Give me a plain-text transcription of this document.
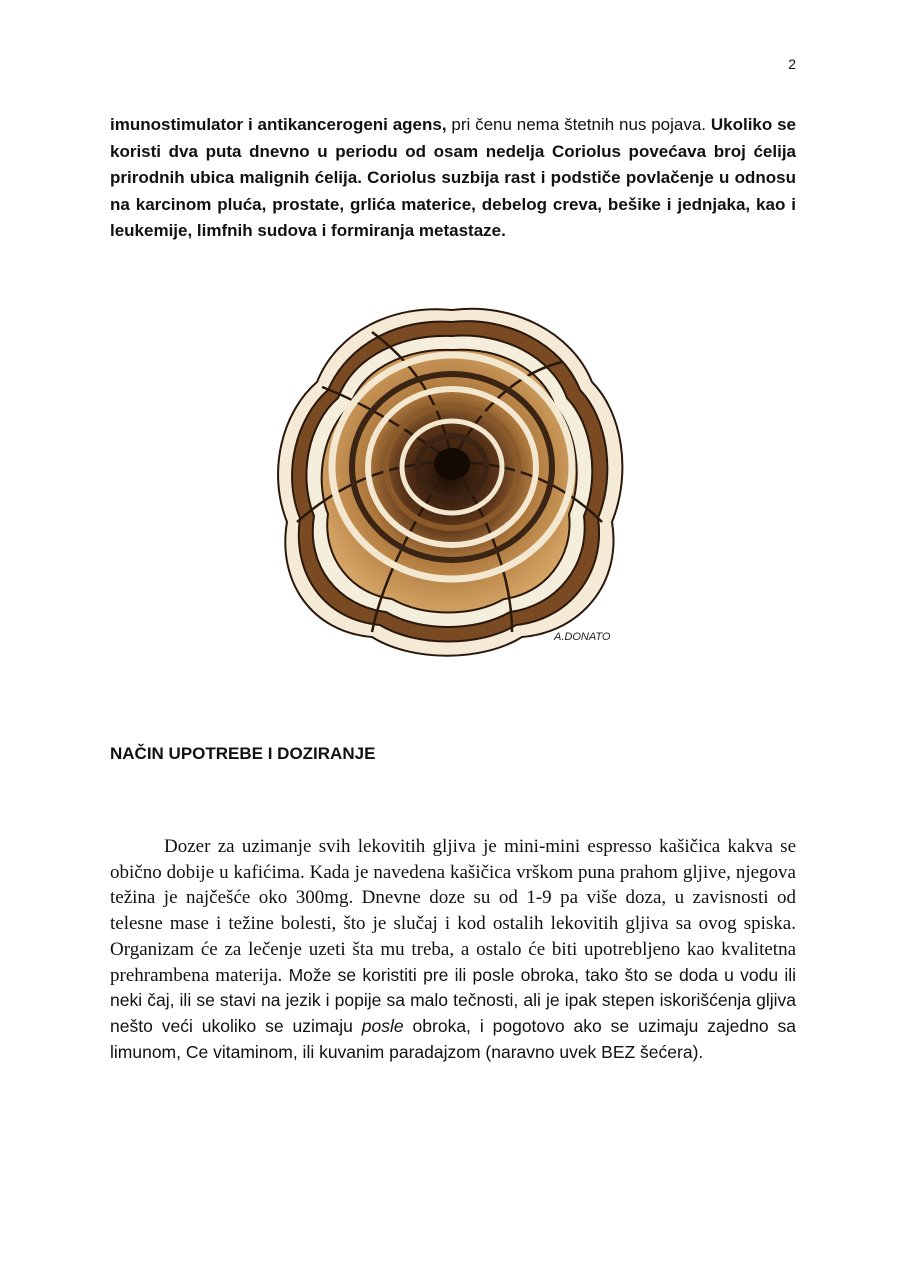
2

imunostimulator i antikancerogeni agens, pri čenu nema štetnih nus pojava. Ukoliko se koristi dva puta dnevno u periodu od osam nedelja Coriolus povećava broj ćelija prirodnih ubica malignih ćelija. Coriolus suzbija rast i podstiče povlačenje u odnosu na karcinom pluća, prostate, grlića materice, debelog creva, bešike i jednjaka, kao i leukemije, limfnih sudova i formiranja metastaze.

A.DONATO
NAČIN UPOTREBE I DOZIRANJE

Dozer za uzimanje svih lekovitih gljiva je mini-mini espresso kašičica kakva se obično dobije u kafićima. Kada je navedena kašičica vrškom puna prahom gljive, njegova težina je najčešće oko 300mg. Dnevne doze su od 1-9 pa više doza, u zavisnosti od telesne mase i težine bolesti, što je slučaj i kod ostalih lekovitih gljiva sa ovog spiska. Organizam će za lečenje uzeti šta mu treba, a ostalo će biti upotrebljeno kao kvalitetna prehrambena materija. Može se koristiti pre ili posle obroka, tako što se doda u vodu ili neki čaj, ili se stavi na jezik i popije sa malo tečnosti, ali je ipak stepen iskorišćenja gljiva nešto veći ukoliko se uzimaju posle obroka, i pogotovo ako se uzimaju zajedno sa limunom, Ce vitaminom, ili kuvanim paradajzom (naravno uvek BEZ šećera).
